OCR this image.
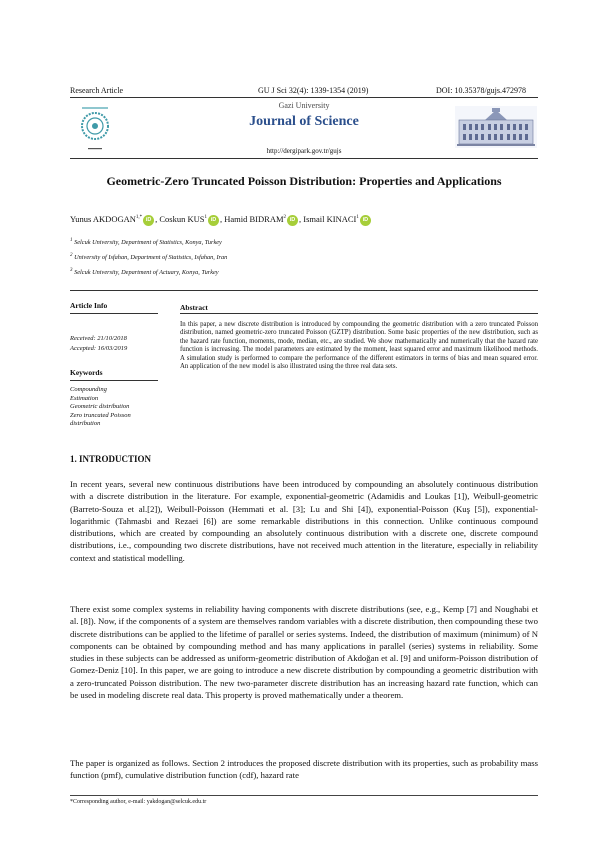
Research Article	GU J Sci 32(4): 1339-1354 (2019)	DOI: 10.35378/gujs.472978
Gazi University
Journal of Science
http://dergipark.gov.tr/gujs
Geometric-Zero Truncated Poisson Distribution: Properties and Applications
Yunus $AKDOGAN^{1,*}$ iD , Coskun KUS$^1$ iD , Hamid BIDRAM$^2$ iD , Ismail KINACI$^1$ iD
$^1$ Selcuk University, Department of Statistics, Konya, Turkey
$^2$ University of Isfahan, Department of Statistics, Isfahan, Iran
$^3$ Selcuk University, Department of Actuary, Konya, Turkey
Article Info
Received: 21/10/2018
Accepted: 16/03/2019
Keywords
Compounding
Estimation
Geometric distribution
Zero truncated Poisson distribution
Abstract
In this paper, a new discrete distribution is introduced by compounding the geometric distribution with a zero truncated Poisson distribution, named geometric-zero truncated Poisson (GZTP) distribution. Some basic properties of the new distribution, such as the hazard rate function, moments, mode, median, etc., are studied. We show mathematically and numerically that the hazard rate function is increasing. The model parameters are estimated by the moment, least squared error and maximum likelihood methods. A simulation study is performed to compare the performance of the different estimators in terms of bias and mean squared error. An application of the new model is also illustrated using the three real data sets.
1. INTRODUCTION
In recent years, several new continuous distributions have been introduced by compounding an absolutely continuous distribution with a discrete distribution in the literature. For example, exponential-geometric (Adamidis and Loukas [1]), Weibull-geometric (Barreto-Souza et al.[2]), Weibull-Poisson (Hemmati et al. [3]; Lu and Shi [4]), exponential-Poisson (Kuş [5]), exponential-logarithmic (Tahmasbi and Rezaei [6]) are some remarkable distributions in this connection. Unlike continuous compound distributions, which are created by compounding an absolutely continuous distribution with a discrete one, discrete compound distributions, i.e., compounding two discrete distributions, have not received much attention in the literature, especially in reliability context and statistical modelling.
There exist some complex systems in reliability having components with discrete distributions (see, e.g., Kemp [7] and Noughabi et al. [8]). Now, if the components of a system are themselves random variables with a discrete distribution, then compounding these two discrete distributions can be applied to the lifetime of parallel or series systems. Indeed, the distribution of maximum (minimum) of N components can be obtained by compounding method and has many applications in parallel (series) systems in reliability. Some studies in these subjects can be addressed as uniform-geometric distribution of Akdoğan et al. [9] and uniform-Poisson distribution of Gomez-Deniz [10]. In this paper, we are going to introduce a new discrete distribution by compounding a geometric distribution with a zero-truncated Poisson distribution. The new two-parameter discrete distribution has an increasing hazard rate function, which can be used in modeling discrete real data. This property is proved mathematically under a theorem.
The paper is organized as follows. Section 2 introduces the proposed discrete distribution with its properties, such as probability mass function (pmf), cumulative distribution function (cdf), hazard rate
*Corresponding author, e-mail: yakdogan@selcuk.edu.tr
